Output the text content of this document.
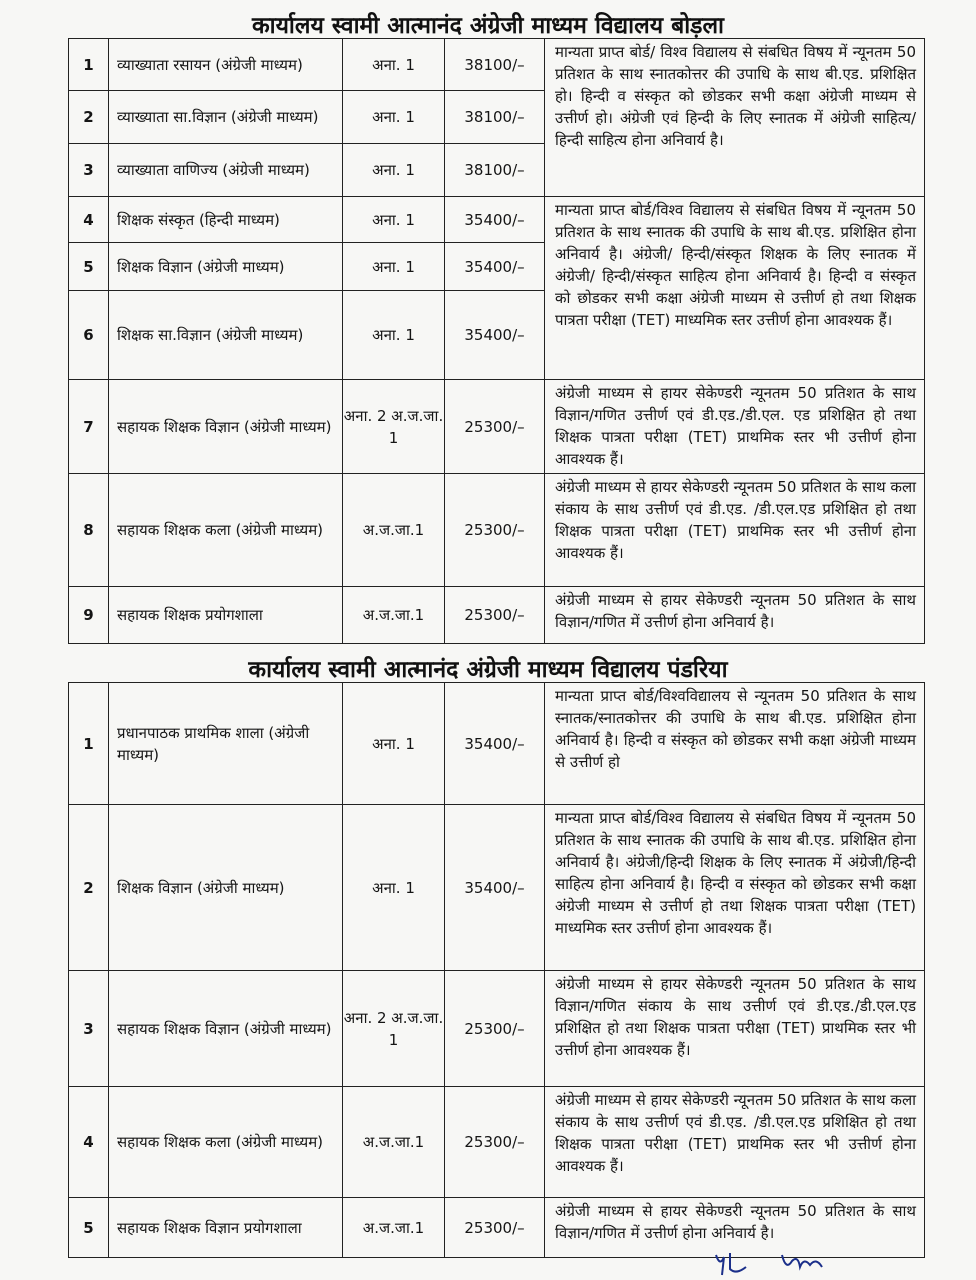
कार्यालय स्वामी आत्मानंद अंग्रेजी माध्यम विद्यालय बोड़ला
1	व्याख्याता रसायन (अंग्रेजी माध्यम)	अना. 1	38100/–	मान्यता प्राप्त बोर्ड/ विश्व विद्यालय से संबधित विषय में न्यूनतम 50 प्रतिशत के साथ स्नातकोत्तर की उपाधि के साथ बी.एड. प्रशिक्षित हो। हिन्दी व संस्कृत को छोडकर सभी कक्षा अंग्रेजी माध्यम से उत्तीर्ण हो। अंग्रेजी एवं हिन्दी के लिए स्नातक में अंग्रेजी साहित्य/हिन्दी साहित्य होना अनिवार्य है।
2	व्याख्याता सा.विज्ञान (अंग्रेजी माध्यम)	अना. 1	38100/–	
3	व्याख्याता वाणिज्य (अंग्रेजी माध्यम)	अना. 1	38100/–	
4	शिक्षक संस्कृत (हिन्दी माध्यम)	अना. 1	35400/–	मान्यता प्राप्त बोर्ड/विश्व विद्यालय से संबधित विषय में न्यूनतम 50 प्रतिशत के साथ स्नातक की उपाधि के साथ बी.एड. प्रशिक्षित होना अनिवार्य है। अंग्रेजी/ हिन्दी/संस्कृत शिक्षक के लिए स्नातक में अंग्रेजी/ हिन्दी/संस्कृत साहित्य होना अनिवार्य है। हिन्दी व संस्कृत को छोडकर सभी कक्षा अंग्रेजी माध्यम से उत्तीर्ण हो तथा शिक्षक पात्रता परीक्षा (TET) माध्यमिक स्तर उत्तीर्ण होना आवश्यक हैं।
5	शिक्षक विज्ञान (अंग्रेजी माध्यम)	अना. 1	35400/–	
6	शिक्षक सा.विज्ञान (अंग्रेजी माध्यम)	अना. 1	35400/–	
7	सहायक शिक्षक विज्ञान (अंग्रेजी माध्यम)	अना. 2 अ.ज.जा. 1	25300/–	अंग्रेजी माध्यम से हायर सेकेण्डरी न्यूनतम 50 प्रतिशत के साथ विज्ञान/गणित उत्तीर्ण एवं डी.एड./डी.एल. एड प्रशिक्षित हो तथा शिक्षक पात्रता परीक्षा (TET) प्राथमिक स्तर भी उत्तीर्ण होना आवश्यक हैं।
8	सहायक शिक्षक कला (अंग्रेजी माध्यम)	अ.ज.जा.1	25300/–	अंग्रेजी माध्यम से हायर सेकेण्डरी न्यूनतम 50 प्रतिशत के साथ कला संकाय के साथ उत्तीर्ण एवं डी.एड. /डी.एल.एड प्रशिक्षित हो तथा शिक्षक पात्रता परीक्षा (TET) प्राथमिक स्तर भी उत्तीर्ण होना आवश्यक हैं।
9	सहायक शिक्षक प्रयोगशाला	अ.ज.जा.1	25300/–	अंग्रेजी माध्यम से हायर सेकेण्डरी न्यूनतम 50 प्रतिशत के साथ विज्ञान/गणित में उत्तीर्ण होना अनिवार्य है।
कार्यालय स्वामी आत्मानंद अंग्रेजी माध्यम विद्यालय पंडरिया
1	प्रधानपाठक प्राथमिक शाला (अंग्रेजी माध्यम)	अना. 1	35400/–	मान्यता प्राप्त बोर्ड/विश्वविद्यालय से न्यूनतम 50 प्रतिशत के साथ स्नातक/स्नातकोत्तर की उपाधि के साथ बी.एड. प्रशिक्षित होना अनिवार्य है। हिन्दी व संस्कृत को छोडकर सभी कक्षा अंग्रेजी माध्यम से उत्तीर्ण हो
2	शिक्षक विज्ञान (अंग्रेजी माध्यम)	अना. 1	35400/–	मान्यता प्राप्त बोर्ड/विश्व विद्यालय से संबधित विषय में न्यूनतम 50 प्रतिशत के साथ स्नातक की उपाधि के साथ बी.एड. प्रशिक्षित होना अनिवार्य है। अंग्रेजी/हिन्दी शिक्षक के लिए स्नातक में अंग्रेजी/हिन्दी साहित्य होना अनिवार्य है। हिन्दी व संस्कृत को छोडकर सभी कक्षा अंग्रेजी माध्यम से उत्तीर्ण हो तथा शिक्षक पात्रता परीक्षा (TET) माध्यमिक स्तर उत्तीर्ण होना आवश्यक हैं।
3	सहायक शिक्षक विज्ञान (अंग्रेजी माध्यम)	अना. 2 अ.ज.जा. 1	25300/–	अंग्रेजी माध्यम से हायर सेकेण्डरी न्यूनतम 50 प्रतिशत के साथ विज्ञान/गणित संकाय के साथ उत्तीर्ण एवं डी.एड./डी.एल.एड प्रशिक्षित हो तथा शिक्षक पात्रता परीक्षा (TET) प्राथमिक स्तर भी उत्तीर्ण होना आवश्यक हैं।
4	सहायक शिक्षक कला (अंग्रेजी माध्यम)	अ.ज.जा.1	25300/–	अंग्रेजी माध्यम से हायर सेकेण्डरी न्यूनतम 50 प्रतिशत के साथ कला संकाय के साथ उत्तीर्ण एवं डी.एड. /डी.एल.एड प्रशिक्षित हो तथा शिक्षक पात्रता परीक्षा (TET) प्राथमिक स्तर भी उत्तीर्ण होना आवश्यक हैं।
5	सहायक शिक्षक विज्ञान प्रयोगशाला	अ.ज.जा.1	25300/–	अंग्रेजी माध्यम से हायर सेकेण्डरी न्यूनतम 50 प्रतिशत के साथ विज्ञान/गणित में उत्तीर्ण होना अनिवार्य है।
